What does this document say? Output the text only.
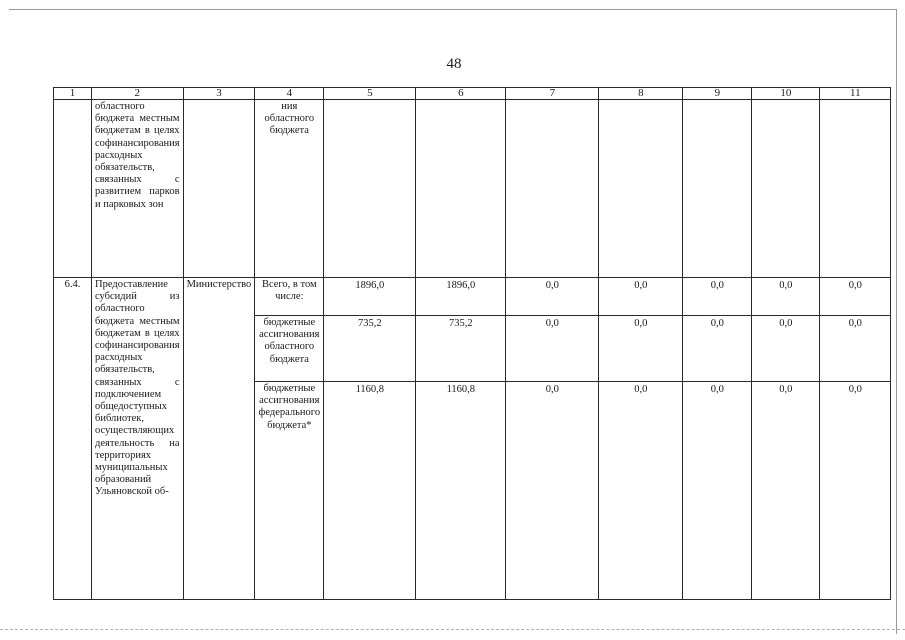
48
1	2	3	4	5	6	7	8	9	10	11
	областного бюджета местным бюджетам в целях софинансирования расходных обязательств, связанных с развитием парков и парковых зон		ния областного бюджета							
6.4.	Предоставление субсидий из областного бюджета местным бюджетам в целях софинансирования расходных обязательств, связанных с подключением общедоступных библиотек, осуществляющих деятельность на территориях муниципальных образований Ульяновской об-	Министерство	Всего, в том числе:	1896,0	1896,0	0,0	0,0	0,0	0,0	0,0
			бюджетные ассигнования областного бюджета	735,2	735,2	0,0	0,0	0,0	0,0	0,0
			бюджетные ассигнования федерального бюджета*	1160,8	1160,8	0,0	0,0	0,0	0,0	0,0
